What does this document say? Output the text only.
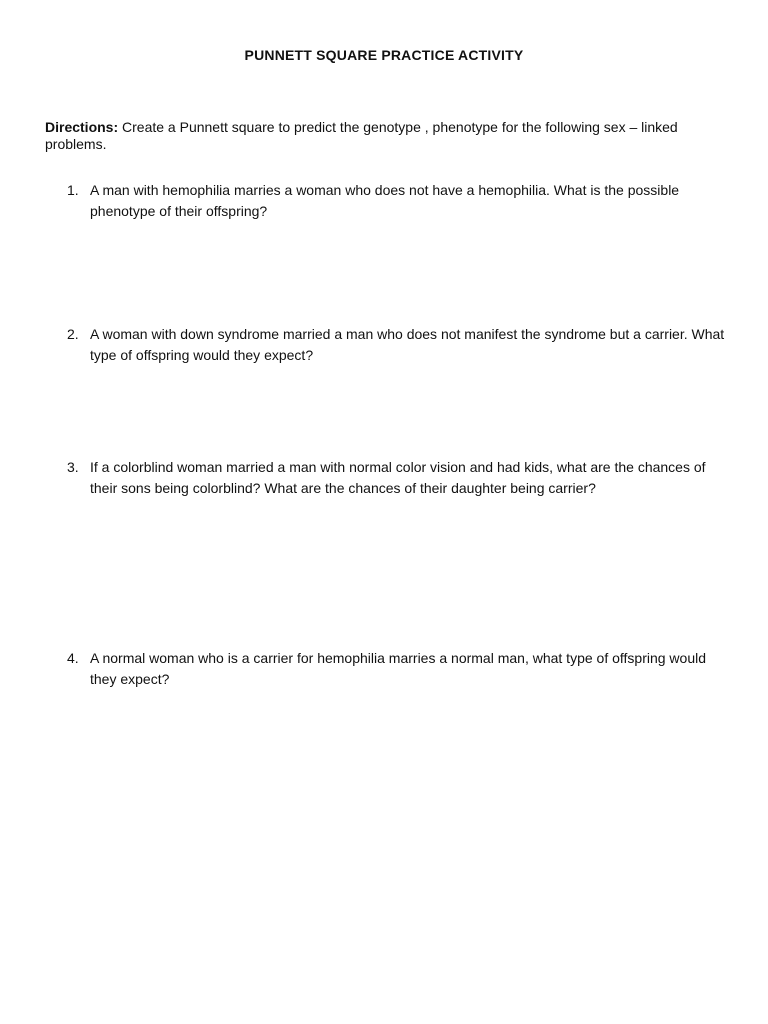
PUNNETT SQUARE PRACTICE ACTIVITY
Directions: Create a Punnett square to predict the genotype , phenotype for the following sex – linked problems.
1. A man with hemophilia marries a woman who does not have a hemophilia. What is the possible phenotype of their offspring?
2. A woman with down syndrome married a man who does not manifest the syndrome but a carrier. What type of offspring would they expect?
3. If a colorblind woman married a man with normal color vision and had kids, what are the chances of their sons being colorblind? What are the chances of their daughter being carrier?
4. A normal woman who is a carrier for hemophilia marries a normal man, what type of offspring would they expect?
